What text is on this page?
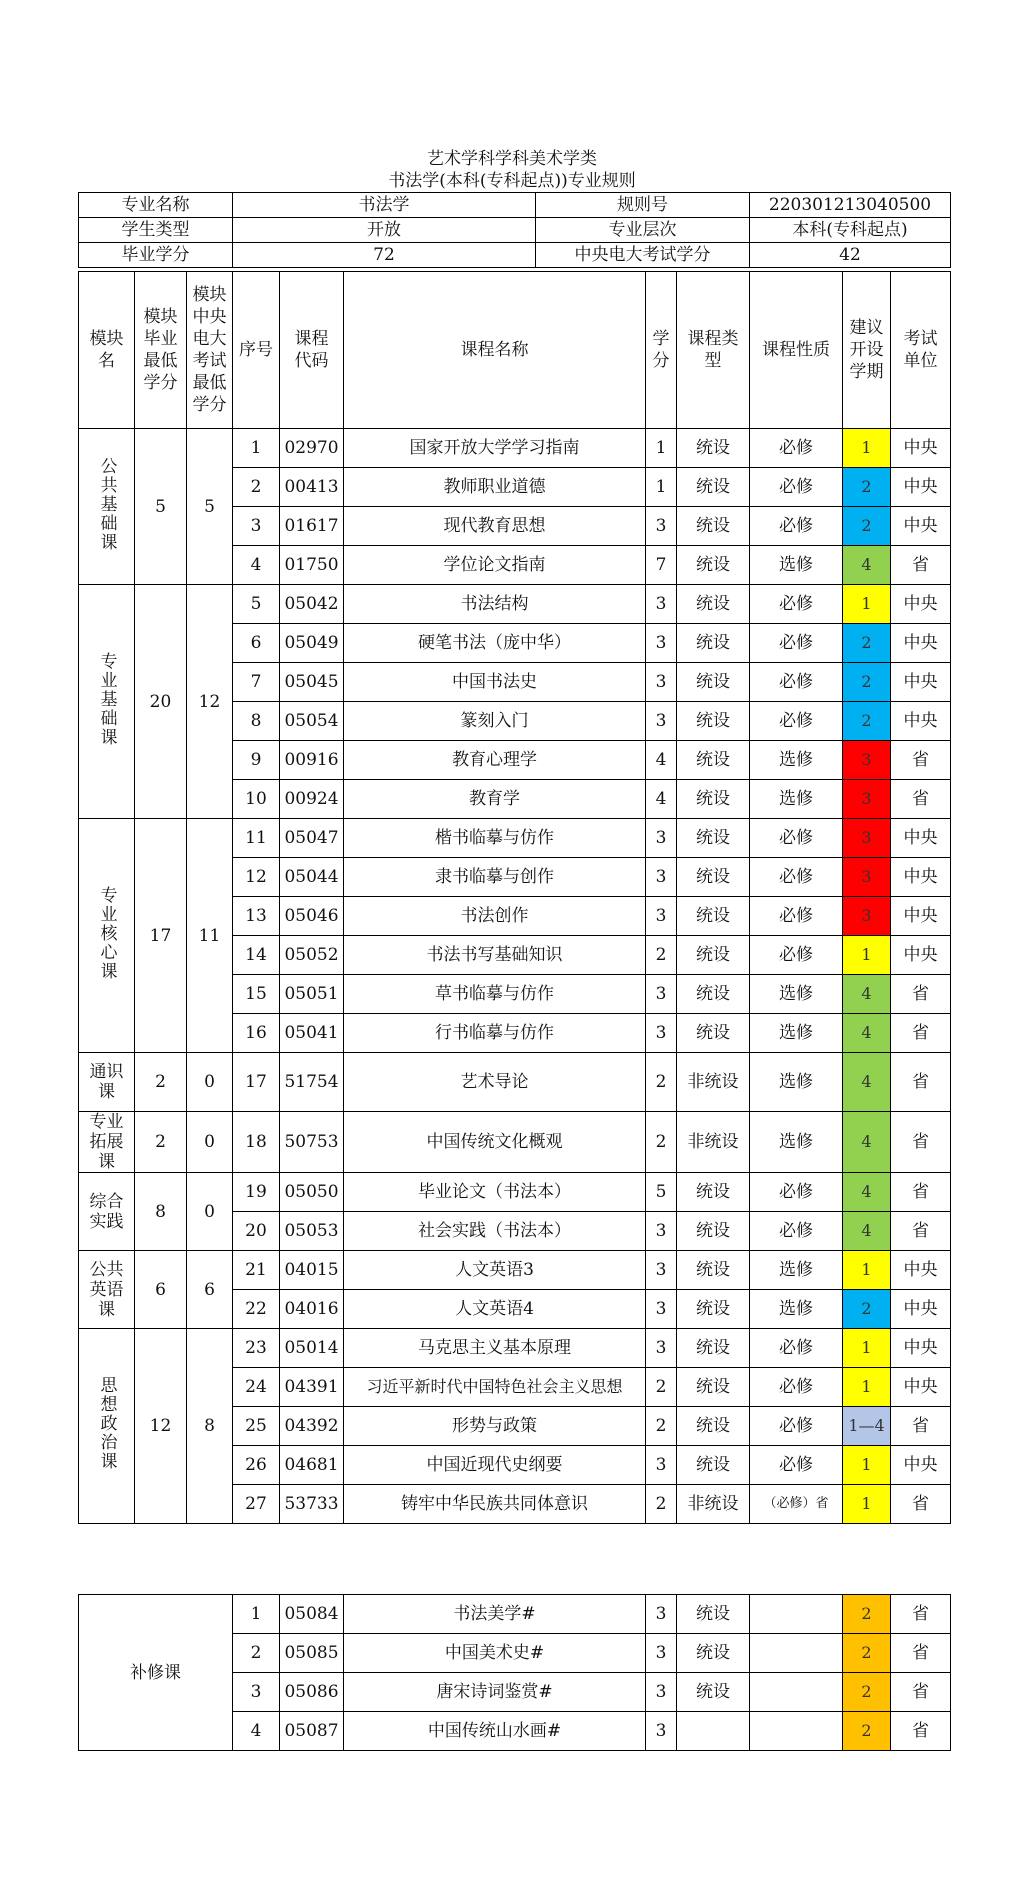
艺术学科学科美术学类
书法学(本科(专科起点))专业规则
专业名称	书法学	规则号	220301213040500
学生类型	开放	专业层次	本科(专科起点)
毕业学分	72	中央电大考试学分	42
模块名	模块毕业最低学分	模块中央电大考试最低学分	序号	课程代码	课程名称	学分	课程类型	课程性质	建议开设学期	考试单位
公共基础课	5	5	1	02970	国家开放大学学习指南	1	统设	必修	1	中央
			2	00413	教师职业道德	1	统设	必修	2	中央
			3	01617	现代教育思想	3	统设	必修	2	中央
			4	01750	学位论文指南	7	统设	选修	4	省
专业基础课	20	12	5	05042	书法结构	3	统设	必修	1	中央
			6	05049	硬笔书法（庞中华）	3	统设	必修	2	中央
			7	05045	中国书法史	3	统设	必修	2	中央
			8	05054	篆刻入门	3	统设	必修	2	中央
			9	00916	教育心理学	4	统设	选修	3	省
			10	00924	教育学	4	统设	选修	3	省
专业核心课	17	11	11	05047	楷书临摹与仿作	3	统设	必修	3	中央
			12	05044	隶书临摹与创作	3	统设	必修	3	中央
			13	05046	书法创作	3	统设	必修	3	中央
			14	05052	书法书写基础知识	2	统设	必修	1	中央
			15	05051	草书临摹与仿作	3	统设	选修	4	省
			16	05041	行书临摹与仿作	3	统设	选修	4	省
通识课	2	0	17	51754	艺术导论	2	非统设	选修	4	省
专业拓展课	2	0	18	50753	中国传统文化概观	2	非统设	选修	4	省
综合实践	8	0	19	05050	毕业论文（书法本）	5	统设	必修	4	省
			20	05053	社会实践（书法本）	3	统设	必修	4	省
公共英语课	6	6	21	04015	人文英语3	3	统设	选修	1	中央
			22	04016	人文英语4	3	统设	选修	2	中央
思想政治课	12	8	23	05014	马克思主义基本原理	3	统设	必修	1	中央
			24	04391	习近平新时代中国特色社会主义思想	2	统设	必修	1	中央
			25	04392	形势与政策	2	统设	必修	1—4	省
			26	04681	中国近现代史纲要	3	统设	必修	1	中央
			27	53733	铸牢中华民族共同体意识	2	非统设	（必修）省	1	省
补修课	1	05084	书法美学#	3	统设		2	省
	2	05085	中国美术史#	3	统设		2	省
	3	05086	唐宋诗词鉴赏#	3	统设		2	省
	4	05087	中国传统山水画#	3			2	省
